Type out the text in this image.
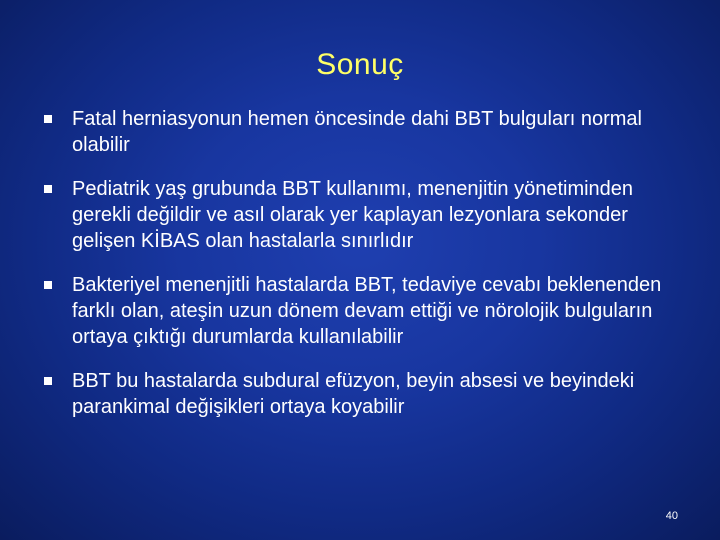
Sonuç
Fatal herniasyonun hemen öncesinde dahi BBT bulguları normal olabilir
Pediatrik yaş grubunda BBT kullanımı, menenjitin yönetiminden gerekli değildir ve asıl olarak yer kaplayan lezyonlara sekonder gelişen KİBAS olan hastalarla sınırlıdır
Bakteriyel menenjitli hastalarda BBT, tedaviye cevabı beklenenden farklı olan, ateşin uzun dönem devam ettiği ve nörolojik bulguların ortaya çıktığı durumlarda kullanılabilir
BBT bu hastalarda subdural efüzyon, beyin absesi ve beyindeki parankimal değişikleri ortaya koyabilir
40
